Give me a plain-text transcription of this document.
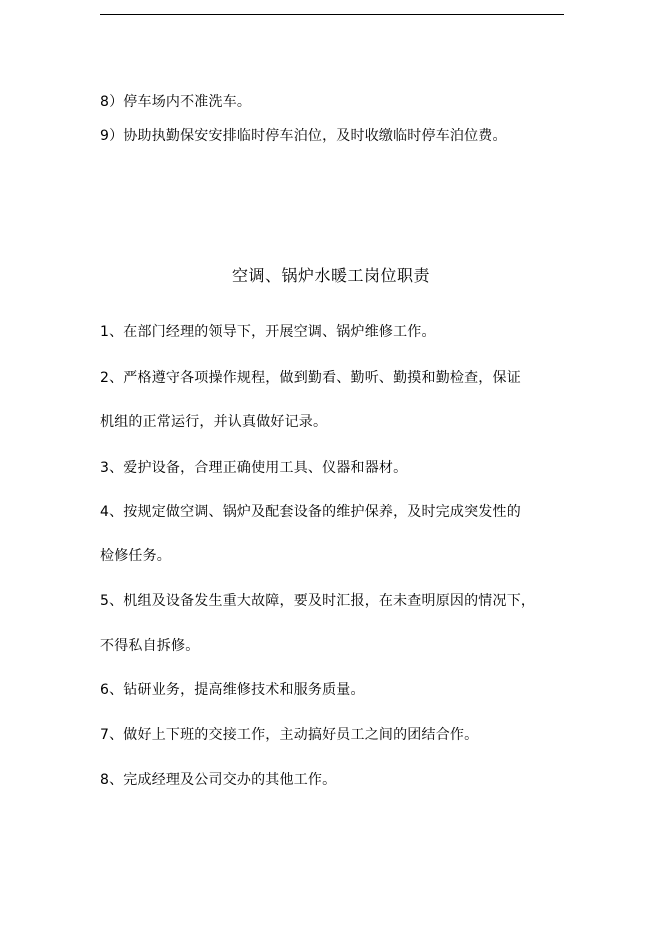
8）停车场内不准洗车。
9）协助执勤保安安排临时停车泊位，及时收缴临时停车泊位费。
空调、锅炉水暖工岗位职责
1、在部门经理的领导下，开展空调、锅炉维修工作。
2、严格遵守各项操作规程，做到勤看、勤听、勤摸和勤检查，保证
机组的正常运行，并认真做好记录。
3、爱护设备，合理正确使用工具、仪器和器材。
4、按规定做空调、锅炉及配套设备的维护保养，及时完成突发性的
检修任务。
5、机组及设备发生重大故障，要及时汇报，在未查明原因的情况下，
不得私自拆修。
6、钻研业务，提高维修技术和服务质量。
7、做好上下班的交接工作，主动搞好员工之间的团结合作。
8、完成经理及公司交办的其他工作。
